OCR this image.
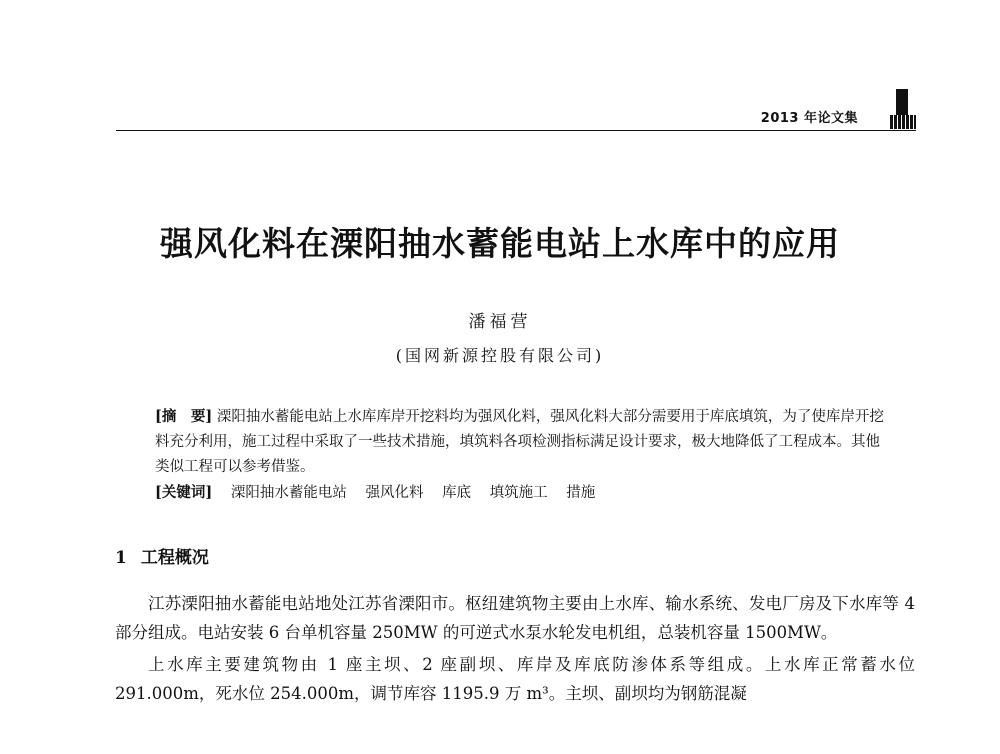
2013 年论文集
强风化料在溧阳抽水蓄能电站上水库中的应用
潘福营
(国网新源控股有限公司)

[摘　要] 溧阳抽水蓄能电站上水库库岸开挖料均为强风化料，强风化料大部分需要用于库底填筑，为了使库岸开挖料充分利用，施工过程中采取了一些技术措施，填筑料各项检测指标满足设计要求，极大地降低了工程成本。其他类似工程可以参考借鉴。

[关键词] 溧阳抽水蓄能电站 强风化料 库底 填筑施工 措施

1 工程概况

江苏溧阳抽水蓄能电站地处江苏省溧阳市。枢纽建筑物主要由上水库、输水系统、发电厂房及下水库等 4 部分组成。电站安装 6 台单机容量 250MW 的可逆式水泵水轮发电机组，总装机容量 1500MW。

上水库主要建筑物由 1 座主坝、2 座副坝、库岸及库底防渗体系等组成。上水库正常蓄水位 291.000m，死水位 254.000m，调节库容 1195.9 万 m³。主坝、副坝均为钢筋混凝
